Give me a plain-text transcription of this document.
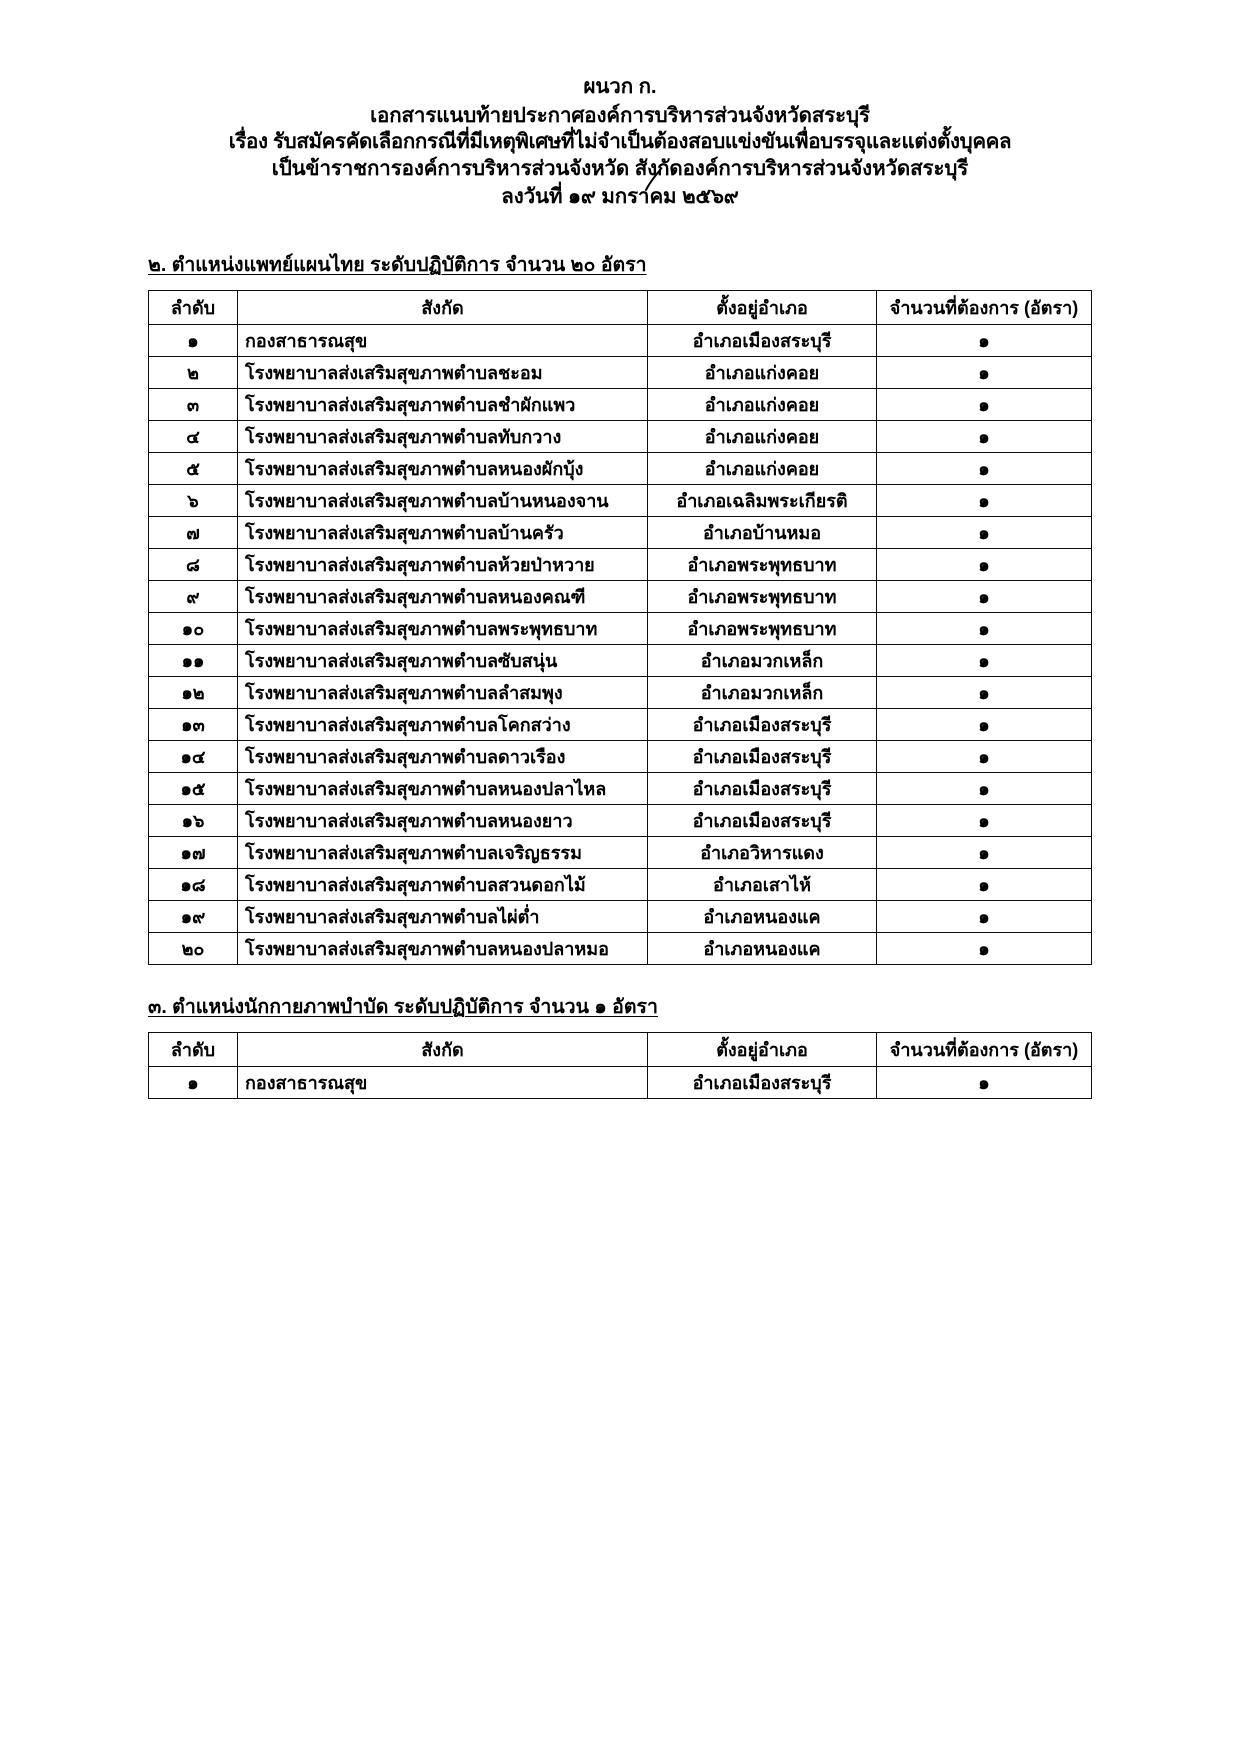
ผนวก ก.
เอกสารแนบท้ายประกาศองค์การบริหารส่วนจังหวัดสระบุรี
เรื่อง รับสมัครคัดเลือกกรณีที่มีเหตุพิเศษที่ไม่จำเป็นต้องสอบแข่งขันเพื่อบรรจุและแต่งตั้งบุคคล
เป็นข้าราชการองค์การบริหารส่วนจังหวัด สังกัดองค์การบริหารส่วนจังหวัดสระบุรี
ลงวันที่ ๑๙ มกราคม ๒๕๖๙
๒. ตำแหน่งแพทย์แผนไทย ระดับปฏิบัติการ จำนวน ๒๐ อัตรา
ลำดับ	สังกัด	ตั้งอยู่อำเภอ	จำนวนที่ต้องการ (อัตรา)
๑	กองสาธารณสุข	อำเภอเมืองสระบุรี	๑
๒	โรงพยาบาลส่งเสริมสุขภาพตำบลชะอม	อำเภอแก่งคอย	๑
๓	โรงพยาบาลส่งเสริมสุขภาพตำบลชำผักแพว	อำเภอแก่งคอย	๑
๔	โรงพยาบาลส่งเสริมสุขภาพตำบลทับกวาง	อำเภอแก่งคอย	๑
๕	โรงพยาบาลส่งเสริมสุขภาพตำบลหนองผักบุ้ง	อำเภอแก่งคอย	๑
๖	โรงพยาบาลส่งเสริมสุขภาพตำบลบ้านหนองจาน	อำเภอเฉลิมพระเกียรติ	๑
๗	โรงพยาบาลส่งเสริมสุขภาพตำบลบ้านครัว	อำเภอบ้านหมอ	๑
๘	โรงพยาบาลส่งเสริมสุขภาพตำบลห้วยป่าหวาย	อำเภอพระพุทธบาท	๑
๙	โรงพยาบาลส่งเสริมสุขภาพตำบลหนองคณฑี	อำเภอพระพุทธบาท	๑
๑๐	โรงพยาบาลส่งเสริมสุขภาพตำบลพระพุทธบาท	อำเภอพระพุทธบาท	๑
๑๑	โรงพยาบาลส่งเสริมสุขภาพตำบลซับสนุ่น	อำเภอมวกเหล็ก	๑
๑๒	โรงพยาบาลส่งเสริมสุขภาพตำบลลำสมพุง	อำเภอมวกเหล็ก	๑
๑๓	โรงพยาบาลส่งเสริมสุขภาพตำบลโคกสว่าง	อำเภอเมืองสระบุรี	๑
๑๔	โรงพยาบาลส่งเสริมสุขภาพตำบลดาวเรือง	อำเภอเมืองสระบุรี	๑
๑๕	โรงพยาบาลส่งเสริมสุขภาพตำบลหนองปลาไหล	อำเภอเมืองสระบุรี	๑
๑๖	โรงพยาบาลส่งเสริมสุขภาพตำบลหนองยาว	อำเภอเมืองสระบุรี	๑
๑๗	โรงพยาบาลส่งเสริมสุขภาพตำบลเจริญธรรม	อำเภอวิหารแดง	๑
๑๘	โรงพยาบาลส่งเสริมสุขภาพตำบลสวนดอกไม้	อำเภอเสาไห้	๑
๑๙	โรงพยาบาลส่งเสริมสุขภาพตำบลไผ่ต่ำ	อำเภอหนองแค	๑
๒๐	โรงพยาบาลส่งเสริมสุขภาพตำบลหนองปลาหมอ	อำเภอหนองแค	๑
๓. ตำแหน่งนักกายภาพบำบัด ระดับปฏิบัติการ จำนวน ๑ อัตรา
ลำดับ	สังกัด	ตั้งอยู่อำเภอ	จำนวนที่ต้องการ (อัตรา)
๑	กองสาธารณสุข	อำเภอเมืองสระบุรี	๑
